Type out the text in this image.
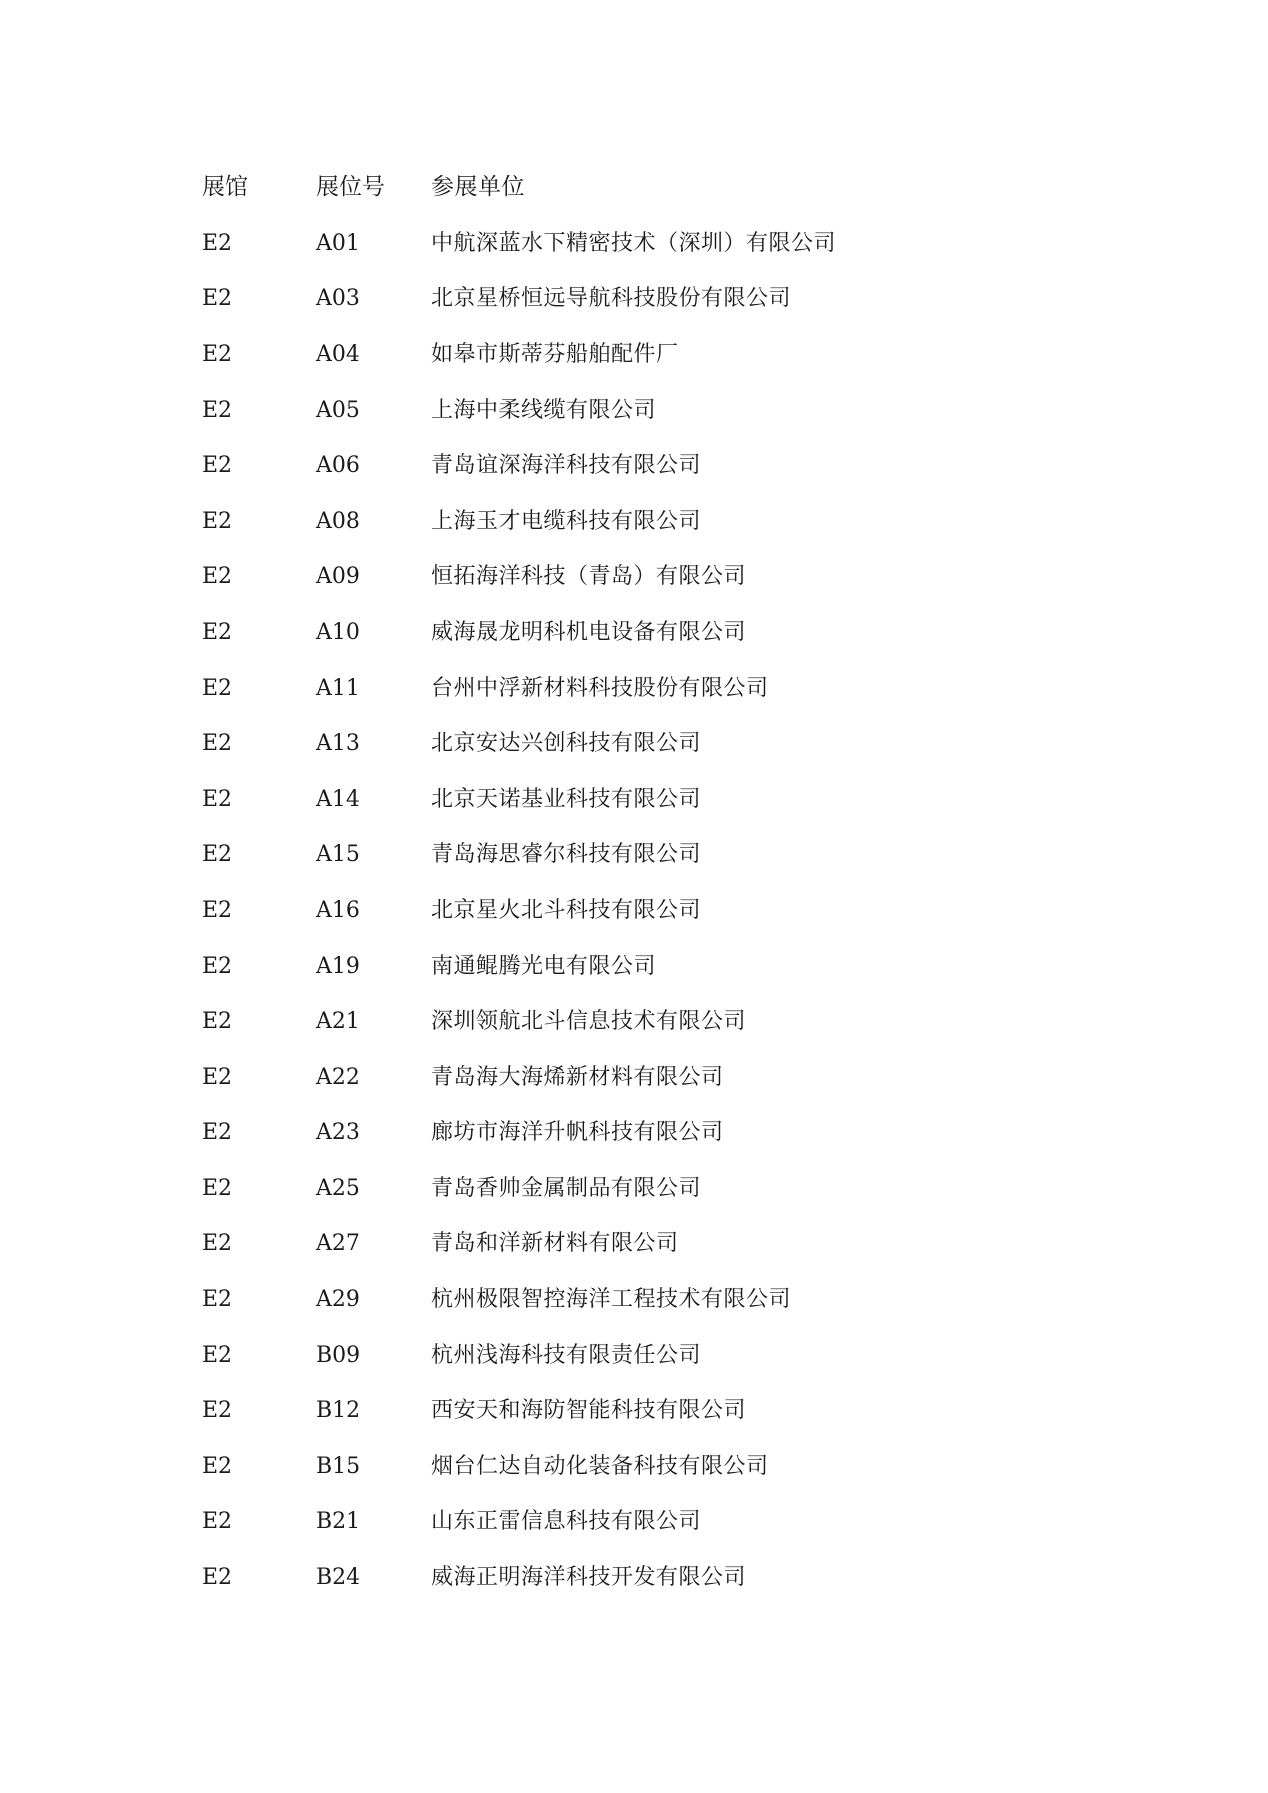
展馆	展位号	参展单位
E2	A01	中航深蓝水下精密技术（深圳）有限公司
E2	A03	北京星桥恒远导航科技股份有限公司
E2	A04	如皋市斯蒂芬船舶配件厂
E2	A05	上海中柔线缆有限公司
E2	A06	青岛谊深海洋科技有限公司
E2	A08	上海玉才电缆科技有限公司
E2	A09	恒拓海洋科技（青岛）有限公司
E2	A10	威海晟龙明科机电设备有限公司
E2	A11	台州中浮新材料科技股份有限公司
E2	A13	北京安达兴创科技有限公司
E2	A14	北京天诺基业科技有限公司
E2	A15	青岛海思睿尔科技有限公司
E2	A16	北京星火北斗科技有限公司
E2	A19	南通鲲腾光电有限公司
E2	A21	深圳领航北斗信息技术有限公司
E2	A22	青岛海大海烯新材料有限公司
E2	A23	廊坊市海洋升帆科技有限公司
E2	A25	青岛香帅金属制品有限公司
E2	A27	青岛和洋新材料有限公司
E2	A29	杭州极限智控海洋工程技术有限公司
E2	B09	杭州浅海科技有限责任公司
E2	B12	西安天和海防智能科技有限公司
E2	B15	烟台仁达自动化装备科技有限公司
E2	B21	山东正雷信息科技有限公司
E2	B24	威海正明海洋科技开发有限公司
